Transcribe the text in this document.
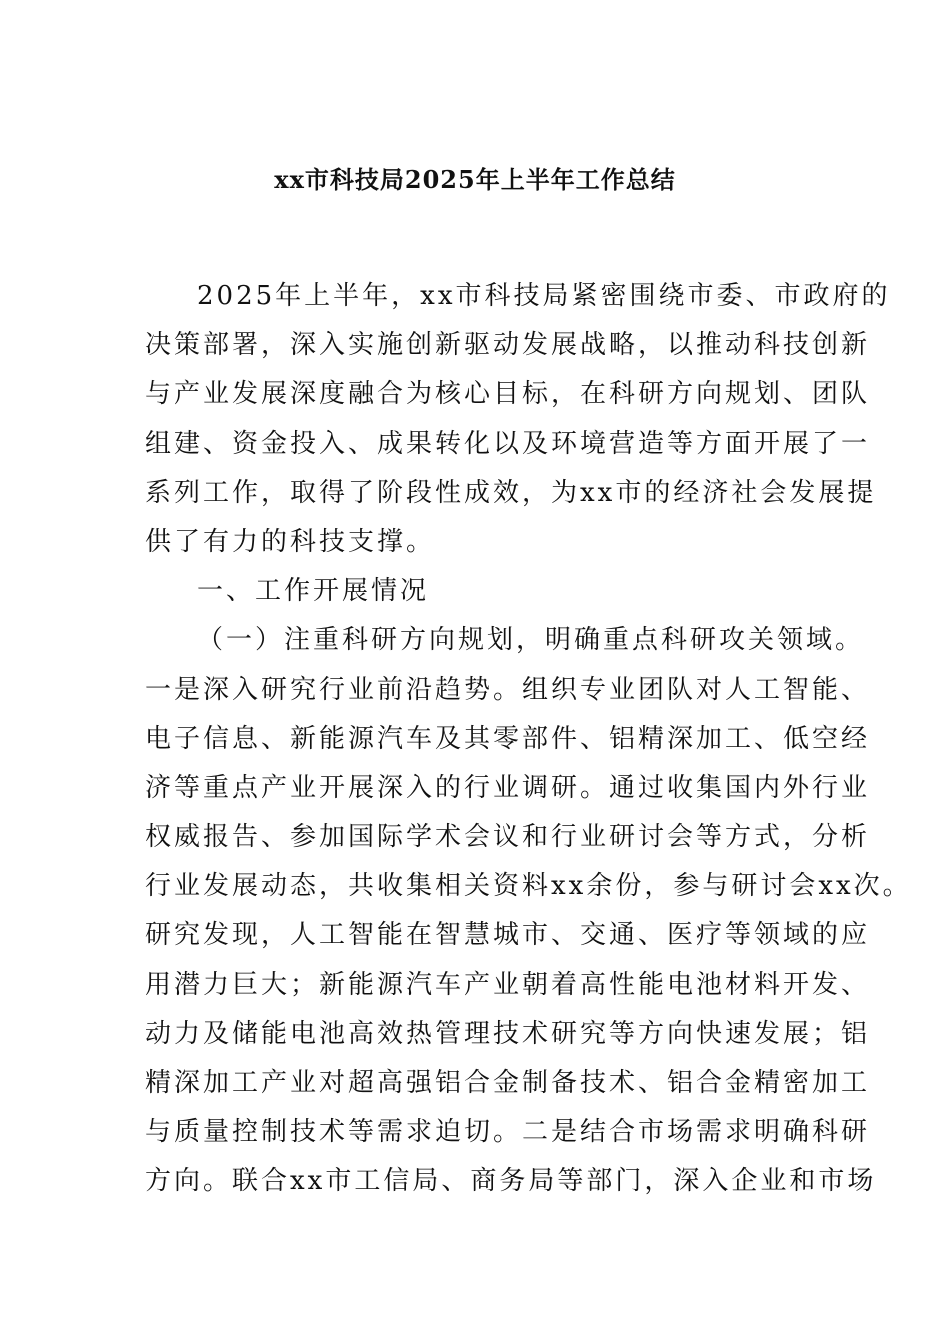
xx市科技局2025年上半年工作总结
2025年上半年，xx市科技局紧密围绕市委、市政府的
决策部署，深入实施创新驱动发展战略，以推动科技创新
与产业发展深度融合为核心目标，在科研方向规划、团队
组建、资金投入、成果转化以及环境营造等方面开展了一
系列工作，取得了阶段性成效，为xx市的经济社会发展提
供了有力的科技支撑。
一、工作开展情况
（一）注重科研方向规划，明确重点科研攻关领域。
一是深入研究行业前沿趋势。组织专业团队对人工智能、
电子信息、新能源汽车及其零部件、铝精深加工、低空经
济等重点产业开展深入的行业调研。通过收集国内外行业
权威报告、参加国际学术会议和行业研讨会等方式，分析
行业发展动态，共收集相关资料xx余份，参与研讨会xx次。
研究发现，人工智能在智慧城市、交通、医疗等领域的应
用潜力巨大；新能源汽车产业朝着高性能电池材料开发、
动力及储能电池高效热管理技术研究等方向快速发展；铝
精深加工产业对超高强铝合金制备技术、铝合金精密加工
与质量控制技术等需求迫切。二是结合市场需求明确科研
方向。联合xx市工信局、商务局等部门，深入企业和市场
